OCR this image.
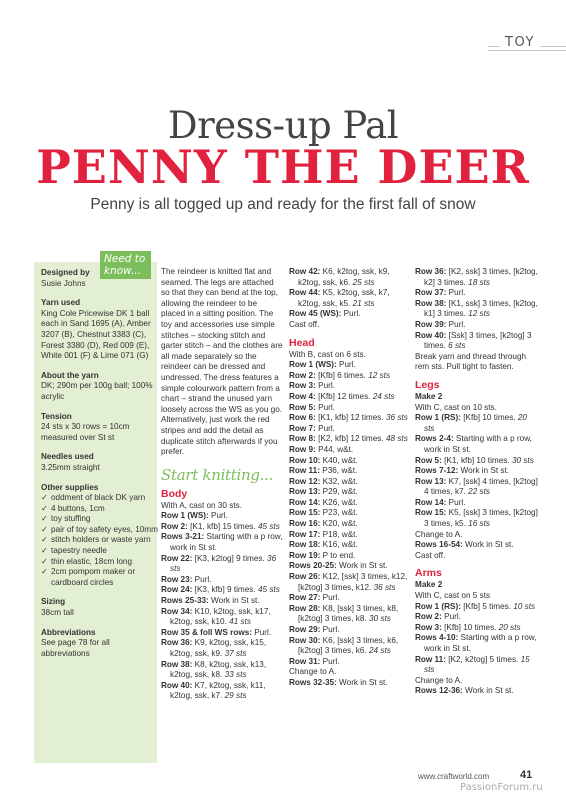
TOY
Dress-up Pal
PENNY THE DEER
Penny is all togged up and ready for the first fall of snow
Need to know...
Designed by
Susie Johns
Yarn used
King Cole Pricewise DK 1 ball each in Sand 1695 (A), Amber 3207 (B), Chestnut 3383 (C), Forest 3380 (D), Red 009 (E), White 001 (F) & Lime 071 (G)
About the yarn
DK; 290m per 100g ball; 100% acrylic
Tension
24 sts x 30 rows = 10cm measured over St st
Needles used
3.25mm straight
Other supplies
✓ oddment of black DK yarn
✓ 4 buttons, 1cm
✓ toy stuffing
✓ pair of toy safety eyes, 10mm
✓ stitch holders or waste yarn
✓ tapestry needle
✓ thin elastic, 18cm long
✓ 2cm pompom maker or cardboard circles
Sizing
38cm tall
Abbreviations
See page 78 for all abbreviations
The reindeer is knitted flat and seamed. The legs are attached so that they can bend at the top, allowing the reindeer to be placed in a sitting position. The toy and accessories use simple stitches – stocking stitch and garter stitch – and the clothes are all made separately so the reindeer can be dressed and undressed. The dress features a simple colourwork pattern from a chart – strand the unused yarn loosely across the WS as you go. Alternatively, just work the red stripes and add the detail as duplicate stitch afterwards if you prefer.
Start knitting...
Body
With A, cast on 30 sts.
Row 1 (WS): Purl.
Row 2: [K1, kfb] 15 times. 45 sts
Rows 3-21: Starting with a p row, work in St st.
Row 22: [K3, k2tog] 9 times. 36 sts
Row 23: Purl.
Row 24: [K3, kfb] 9 times. 45 sts
Rows 25-33: Work in St st.
Row 34: K10, k2tog, ssk, k17, k2tog, ssk, k10. 41 sts
Row 35 & foll WS rows: Purl.
Row 36: K9, k2tog, ssk, k15, k2tog, ssk, k9. 37 sts
Row 38: K8, k2tog, ssk, k13, k2tog, ssk, k8. 33 sts
Row 40: K7, k2tog, ssk, k11, k2tog, ssk, k7. 29 sts
Row 42: K6, k2tog, ssk, k9, k2tog, ssk, k6. 25 sts
Row 44: K5, k2tog, ssk, k7, k2tog, ssk, k5. 21 sts
Row 45 (WS): Purl.
Cast off.
Head
With B, cast on 6 sts.
Row 1 (WS): Purl.
Row 2: [Kfb] 6 times. 12 sts
Row 3: Purl.
Row 4: [Kfb] 12 times. 24 sts
Row 5: Purl.
Row 6: [K1, kfb] 12 times. 36 sts
Row 7: Purl.
Row 8: [K2, kfb] 12 times. 48 sts
Row 9: P44, w&t.
Row 10: K40, w&t.
Row 11: P36, w&t.
Row 12: K32, w&t.
Row 13: P29, w&t.
Row 14: K26, w&t.
Row 15: P23, w&t.
Row 16: K20, w&t.
Row 17: P18, w&t.
Row 18: K16, w&t.
Row 19: P to end.
Rows 20-25: Work in St st.
Row 26: K12, [ssk] 3 times, k12, [k2tog] 3 times, k12. 36 sts
Row 27: Purl.
Row 28: K8, [ssk] 3 times, k8, [k2tog] 3 times, k8. 30 sts
Row 29: Purl.
Row 30: K6, [ssk] 3 times, k6, [k2tog] 3 times, k6. 24 sts
Row 31: Purl.
Change to A.
Rows 32-35: Work in St st.
Row 36: [K2, ssk] 3 times, [k2tog, k2] 3 times. 18 sts
Row 37: Purl.
Row 38: [K1, ssk] 3 times, [k2tog, k1] 3 times. 12 sts
Row 39: Purl.
Row 40: [Ssk] 3 times, [k2tog] 3 times. 6 sts
Break yarn and thread through rem sts. Pull tight to fasten.
Legs
Make 2
With C, cast on 10 sts.
Row 1 (RS): [Kfb] 10 times. 20 sts
Rows 2-4: Starting with a p row, work in St st.
Row 5: [K1, kfb] 10 times. 30 sts
Rows 7-12: Work in St st.
Row 13: K7, [ssk] 4 times, [k2tog] 4 times, k7. 22 sts
Row 14: Purl.
Row 15: K5, [ssk] 3 times, [k2tog] 3 times, k5. 16 sts
Change to A.
Rows 16-54: Work in St st.
Cast off.
Arms
Make 2
With C, cast on 5 sts
Row 1 (RS): [Kfb] 5 times. 10 sts
Row 2: Purl.
Row 3: [Kfb] 10 times. 20 sts
Rows 4-10: Starting with a p row, work in St st.
Row 11: [K2, k2tog] 5 times. 15 sts
Change to A.
Rows 12-36: Work in St st.
www.craftworld.com	41
PassionForum.ru
